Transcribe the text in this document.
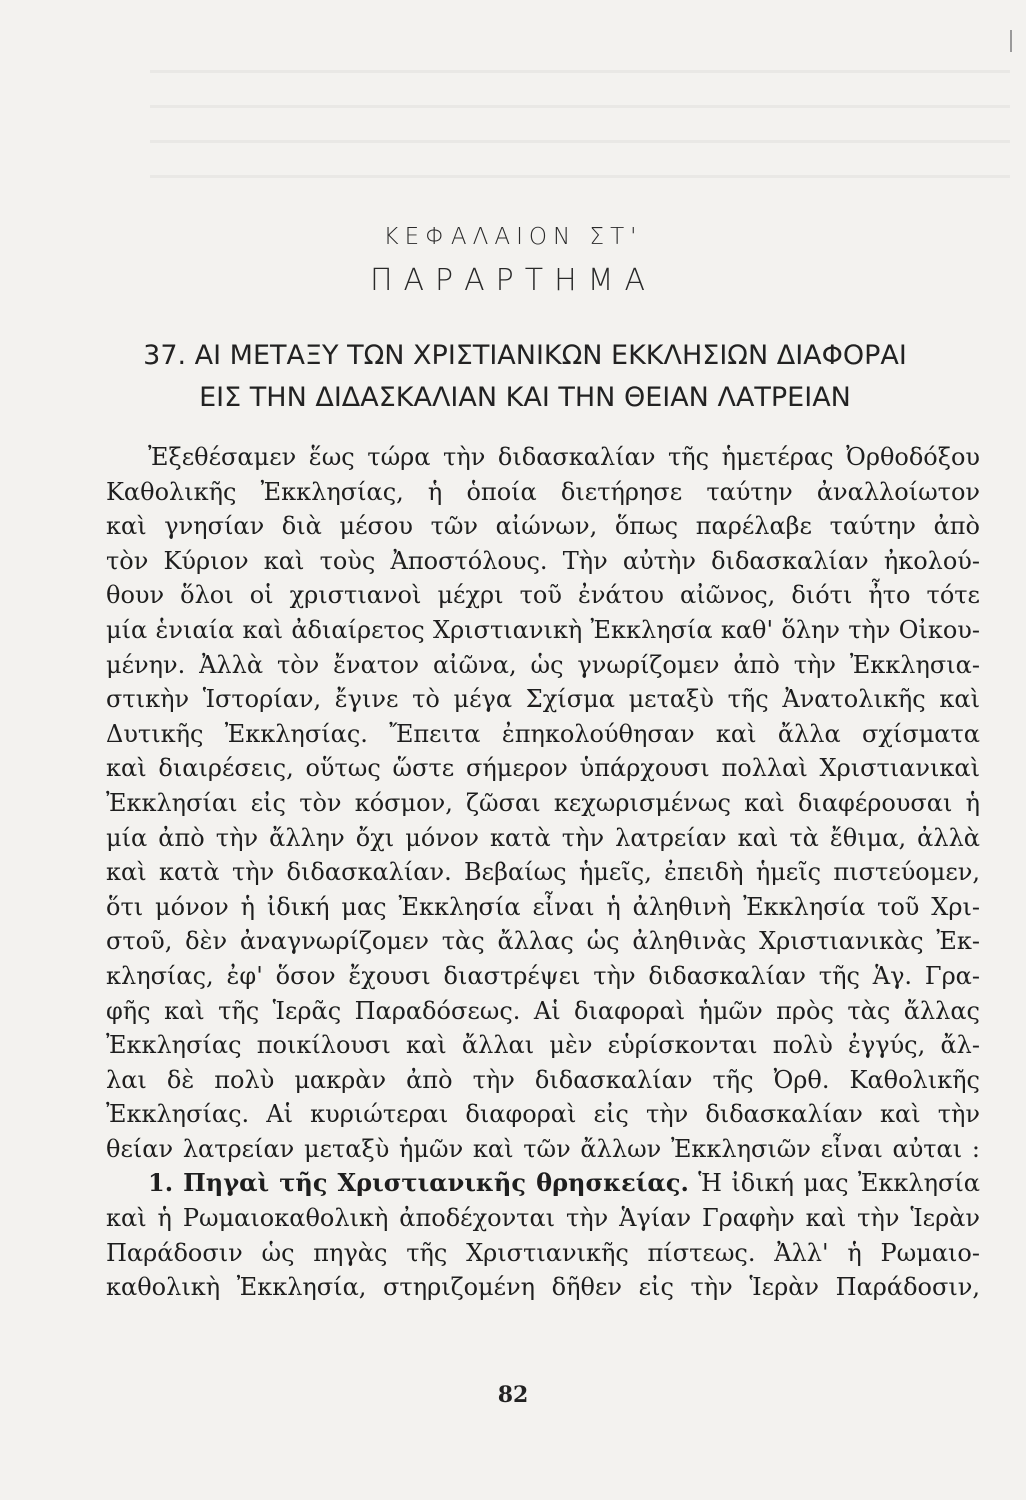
ΚΕΦΑΛΑΙΟΝ ΣΤ'
ΠΑΡΑΡΤΗΜΑ
37. ΑΙ ΜΕΤΑΞΥ ΤΩΝ ΧΡΙΣΤΙΑΝΙΚΩΝ ΕΚΚΛΗΣΙΩΝ ΔΙΑΦΟΡΑΙ
ΕΙΣ ΤΗΝ ΔΙΔΑΣΚΑΛΙΑΝ ΚΑΙ ΤΗΝ ΘΕΙΑΝ ΛΑΤΡΕΙΑΝ
Ἐξεθέσαμεν ἕως τώρα τὴν διδασκαλίαν τῆς ἡμετέρας Ὀρθοδόξου
Καθολικῆς Ἐκκλησίας, ἡ ὁποία διετήρησε ταύτην ἀναλλοίωτον
καὶ γνησίαν διὰ μέσου τῶν αἰώνων, ὅπως παρέλαβε ταύτην ἀπὸ
τὸν Κύριον καὶ τοὺς Ἀποστόλους. Τὴν αὐτὴν διδασκαλίαν ἠκολού-
θουν ὅλοι οἱ χριστιανοὶ μέχρι τοῦ ἐνάτου αἰῶνος, διότι ἦτο τότε
μία ἑνιαία καὶ ἀδιαίρετος Χριστιανικὴ Ἐκκλησία καθ' ὅλην τὴν Οἰκου-
μένην. Ἀλλὰ τὸν ἔνατον αἰῶνα, ὡς γνωρίζομεν ἀπὸ τὴν Ἐκκλησια-
στικὴν Ἱστορίαν, ἔγινε τὸ μέγα Σχίσμα μεταξὺ τῆς Ἀνατολικῆς καὶ
Δυτικῆς Ἐκκλησίας. Ἔπειτα ἐπηκολούθησαν καὶ ἄλλα σχίσματα
καὶ διαιρέσεις, οὕτως ὥστε σήμερον ὑπάρχουσι πολλαὶ Χριστιανικαὶ
Ἐκκλησίαι εἰς τὸν κόσμον, ζῶσαι κεχωρισμένως καὶ διαφέρουσαι ἡ
μία ἀπὸ τὴν ἄλλην ὄχι μόνον κατὰ τὴν λατρείαν καὶ τὰ ἔθιμα, ἀλλὰ
καὶ κατὰ τὴν διδασκαλίαν. Βεβαίως ἡμεῖς, ἐπειδὴ ἡμεῖς πιστεύομεν,
ὅτι μόνον ἡ ἰδική μας Ἐκκλησία εἶναι ἡ ἀληθινὴ Ἐκκλησία τοῦ Χρι-
στοῦ, δὲν ἀναγνωρίζομεν τὰς ἄλλας ὡς ἀληθινὰς Χριστιανικὰς Ἐκ-
κλησίας, ἐφ' ὅσον ἔχουσι διαστρέψει τὴν διδασκαλίαν τῆς Ἁγ. Γρα-
φῆς καὶ τῆς Ἱερᾶς Παραδόσεως. Αἱ διαφοραὶ ἡμῶν πρὸς τὰς ἄλλας
Ἐκκλησίας ποικίλουσι καὶ ἄλλαι μὲν εὑρίσκονται πολὺ ἐγγύς, ἄλ-
λαι δὲ πολὺ μακρὰν ἀπὸ τὴν διδασκαλίαν τῆς Ὀρθ. Καθολικῆς
Ἐκκλησίας. Αἱ κυριώτεραι διαφοραὶ εἰς τὴν διδασκαλίαν καὶ τὴν
θείαν λατρείαν μεταξὺ ἡμῶν καὶ τῶν ἄλλων Ἐκκλησιῶν εἶναι αὐται :
1. Πηγαὶ τῆς Χριστιανικῆς θρησκείας. Ἡ ἰδική μας Ἐκκλησία
καὶ ἡ Ρωμαιοκαθολικὴ ἀποδέχονται τὴν Ἁγίαν Γραφὴν καὶ τὴν Ἱερὰν
Παράδοσιν ὡς πηγὰς τῆς Χριστιανικῆς πίστεως. Ἀλλ' ἡ Ρωμαιο-
καθολικὴ Ἐκκλησία, στηριζομένη δῆθεν εἰς τὴν Ἱερὰν Παράδοσιν,
82
